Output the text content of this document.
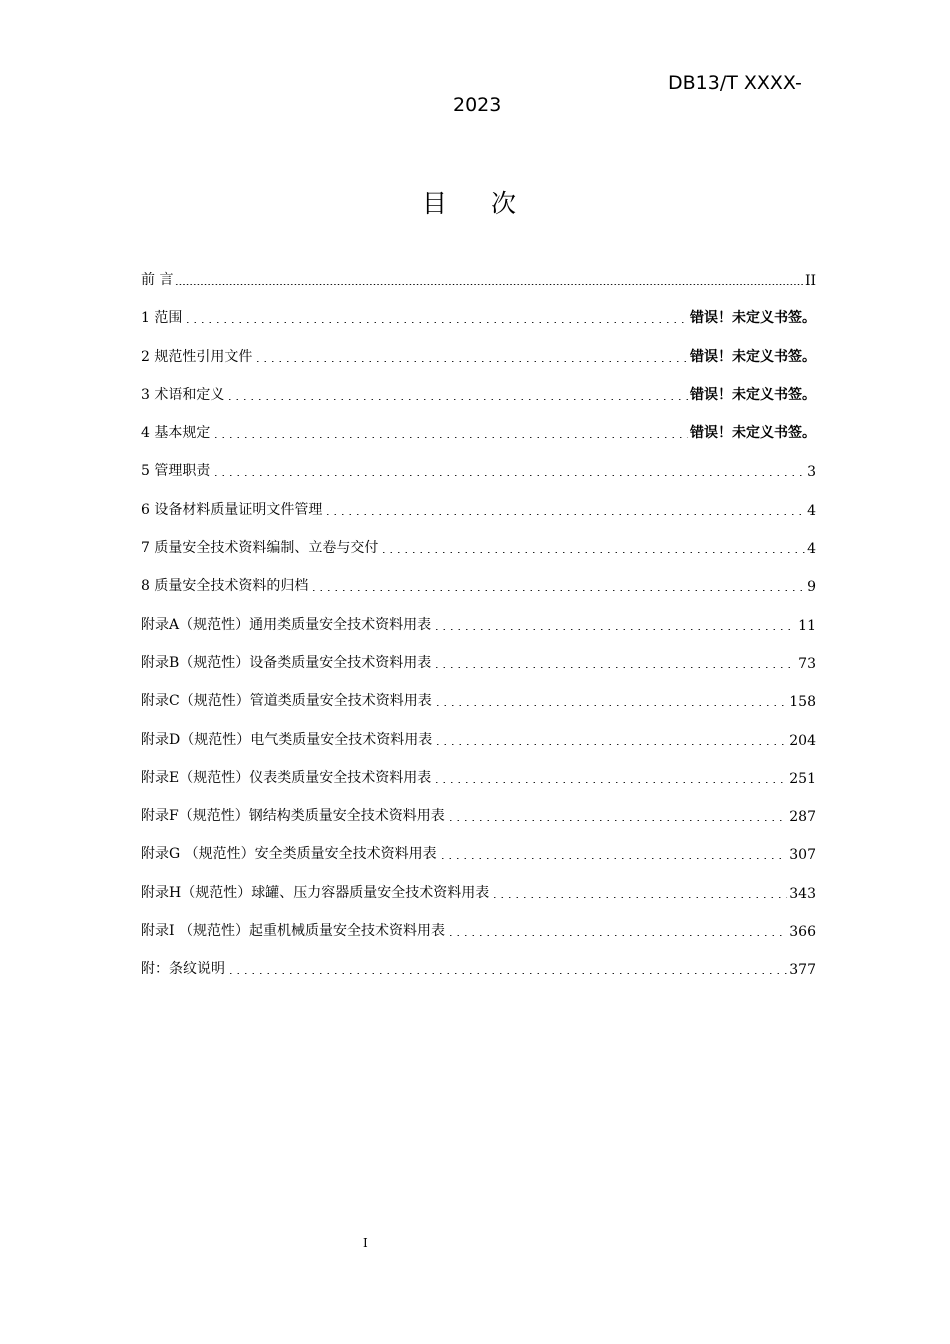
DB13/T XXXX-
2023
目 次
前 言	II
1 范围	错误！未定义书签。
2 规范性引用文件	错误！未定义书签。
3 术语和定义	错误！未定义书签。
4 基本规定	错误！未定义书签。
5 管理职责	3
6 设备材料质量证明文件管理	4
7 质量安全技术资料编制、立卷与交付	4
8 质量安全技术资料的归档	9
附录A（规范性）通用类质量安全技术资料用表	11
附录B（规范性）设备类质量安全技术资料用表	73
附录C（规范性）管道类质量安全技术资料用表	158
附录D（规范性）电气类质量安全技术资料用表	204
附录E（规范性）仪表类质量安全技术资料用表	251
附录F（规范性）钢结构类质量安全技术资料用表	287
附录G （规范性）安全类质量安全技术资料用表	307
附录H（规范性）球罐、压力容器质量安全技术资料用表	343
附录I （规范性）起重机械质量安全技术资料用表	366
附：条纹说明	377
I
